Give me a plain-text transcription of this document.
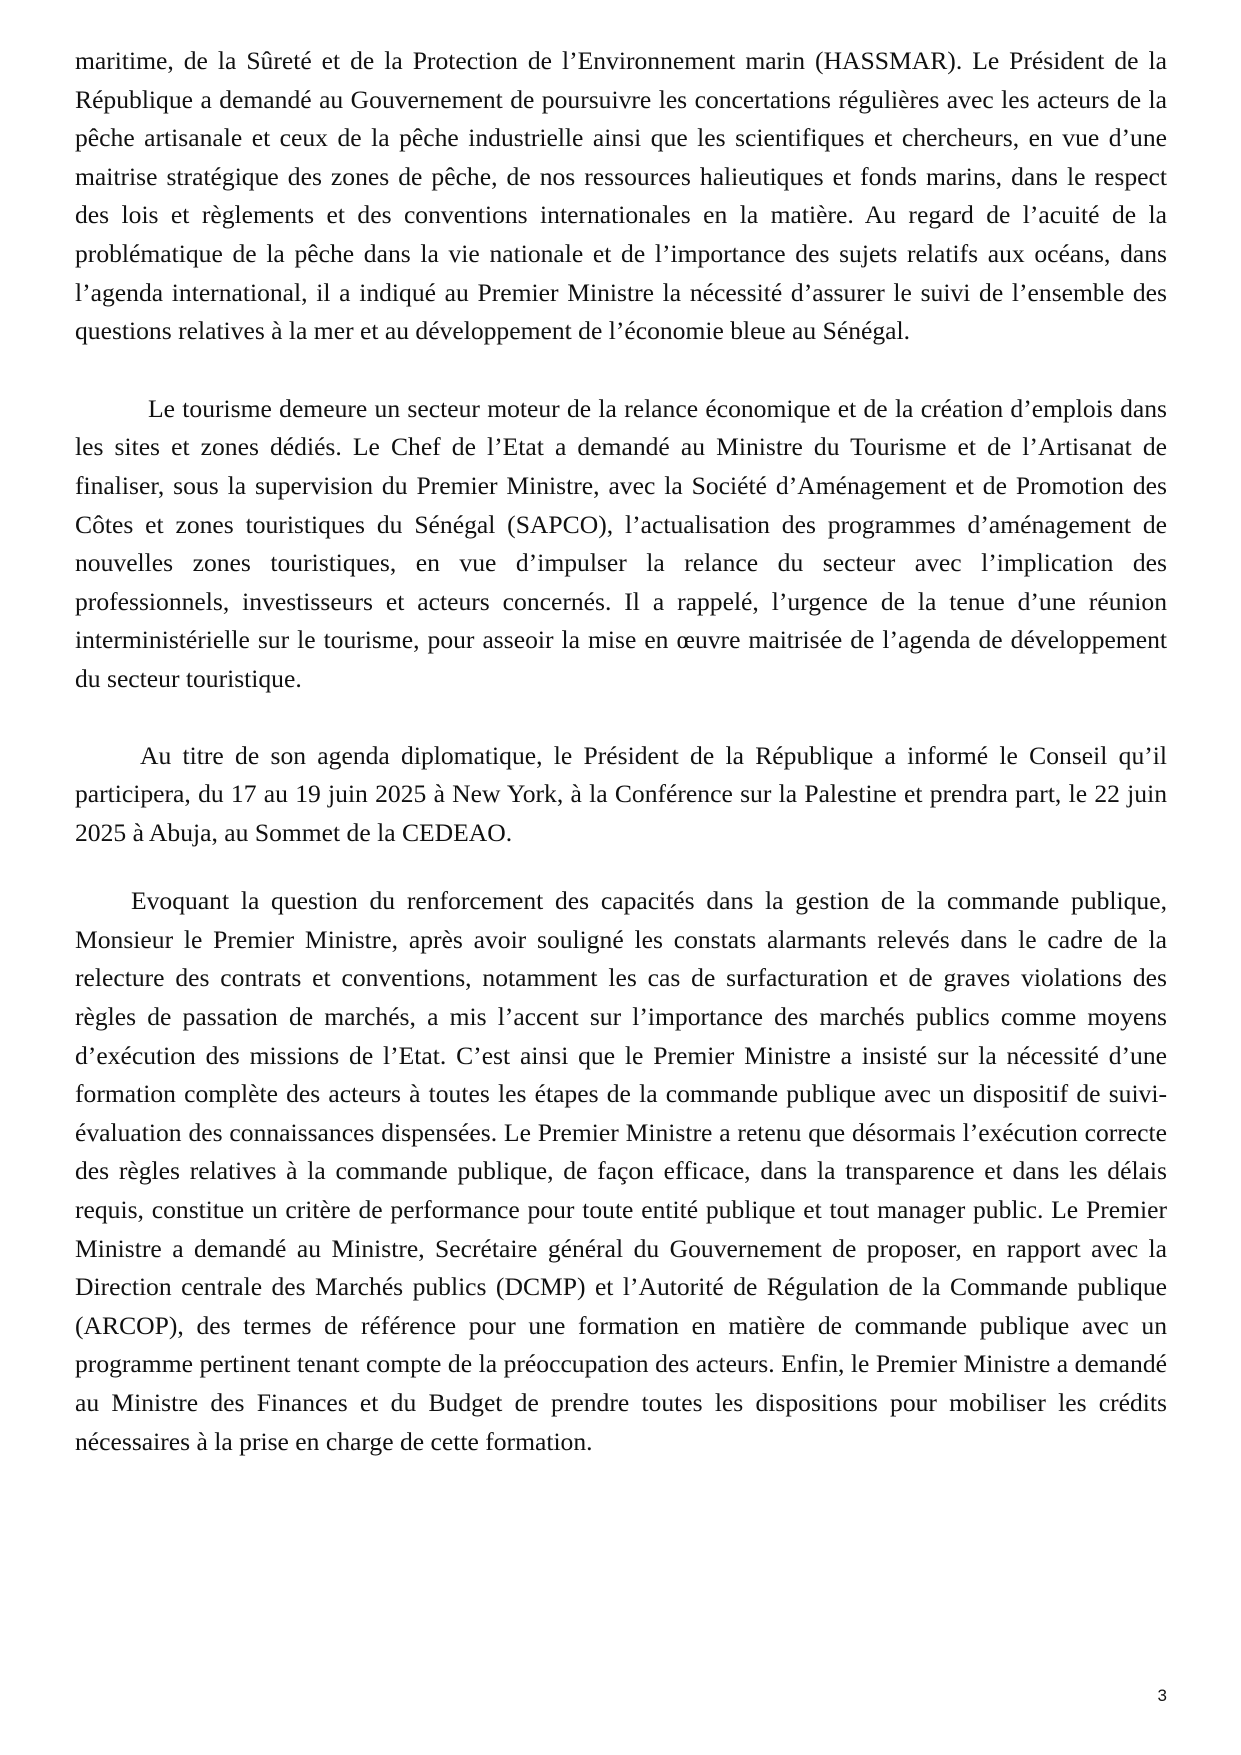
maritime, de la Sûreté et de la Protection de l’Environnement marin (HASSMAR). Le Président de la République a demandé au Gouvernement de poursuivre les concertations régulières avec les acteurs de la pêche artisanale et ceux de la pêche industrielle ainsi que les scientifiques et chercheurs, en vue d’une maitrise stratégique des zones de pêche, de nos ressources halieutiques et fonds marins, dans le respect des lois et règlements et des conventions internationales en la matière. Au regard de l’acuité de la problématique de la pêche dans la vie nationale et de l’importance des sujets relatifs aux océans, dans l’agenda international, il a indiqué au Premier Ministre la nécessité d’assurer le suivi de l’ensemble des questions relatives à la mer et au développement de l’économie bleue au Sénégal.

Le tourisme demeure un secteur moteur de la relance économique et de la création d’emplois dans les sites et zones dédiés. Le Chef de l’Etat a demandé au Ministre du Tourisme et de l’Artisanat de finaliser, sous la supervision du Premier Ministre, avec la Société d’Aménagement et de Promotion des Côtes et zones touristiques du Sénégal (SAPCO), l’actualisation des programmes d’aménagement de nouvelles zones touristiques, en vue d’impulser la relance du secteur avec l’implication des professionnels, investisseurs et acteurs concernés. Il a rappelé, l’urgence de la tenue d’une réunion interministérielle sur le tourisme, pour asseoir la mise en œuvre maitrisée de l’agenda de développement du secteur touristique.

Au titre de son agenda diplomatique, le Président de la République a informé le Conseil qu’il participera, du 17 au 19 juin 2025 à New York, à la Conférence sur la Palestine et prendra part, le 22 juin 2025 à Abuja, au Sommet de la CEDEAO.

Evoquant la question du renforcement des capacités dans la gestion de la commande publique, Monsieur le Premier Ministre, après avoir souligné les constats alarmants relevés dans le cadre de la relecture des contrats et conventions, notamment les cas de surfacturation et de graves violations des règles de passation de marchés, a mis l’accent sur l’importance des marchés publics comme moyens d’exécution des missions de l’Etat. C’est ainsi que le Premier Ministre a insisté sur la nécessité d’une formation complète des acteurs à toutes les étapes de la commande publique avec un dispositif de suivi-évaluation des connaissances dispensées. Le Premier Ministre a retenu que désormais l’exécution correcte des règles relatives à la commande publique, de façon efficace, dans la transparence et dans les délais requis, constitue un critère de performance pour toute entité publique et tout manager public. Le Premier Ministre a demandé au Ministre, Secrétaire général du Gouvernement de proposer, en rapport avec la Direction centrale des Marchés publics (DCMP) et l’Autorité de Régulation de la Commande publique (ARCOP), des termes de référence pour une formation en matière de commande publique avec un programme pertinent tenant compte de la préoccupation des acteurs. Enfin, le Premier Ministre a demandé au Ministre des Finances et du Budget de prendre toutes les dispositions pour mobiliser les crédits nécessaires à la prise en charge de cette formation.

3
